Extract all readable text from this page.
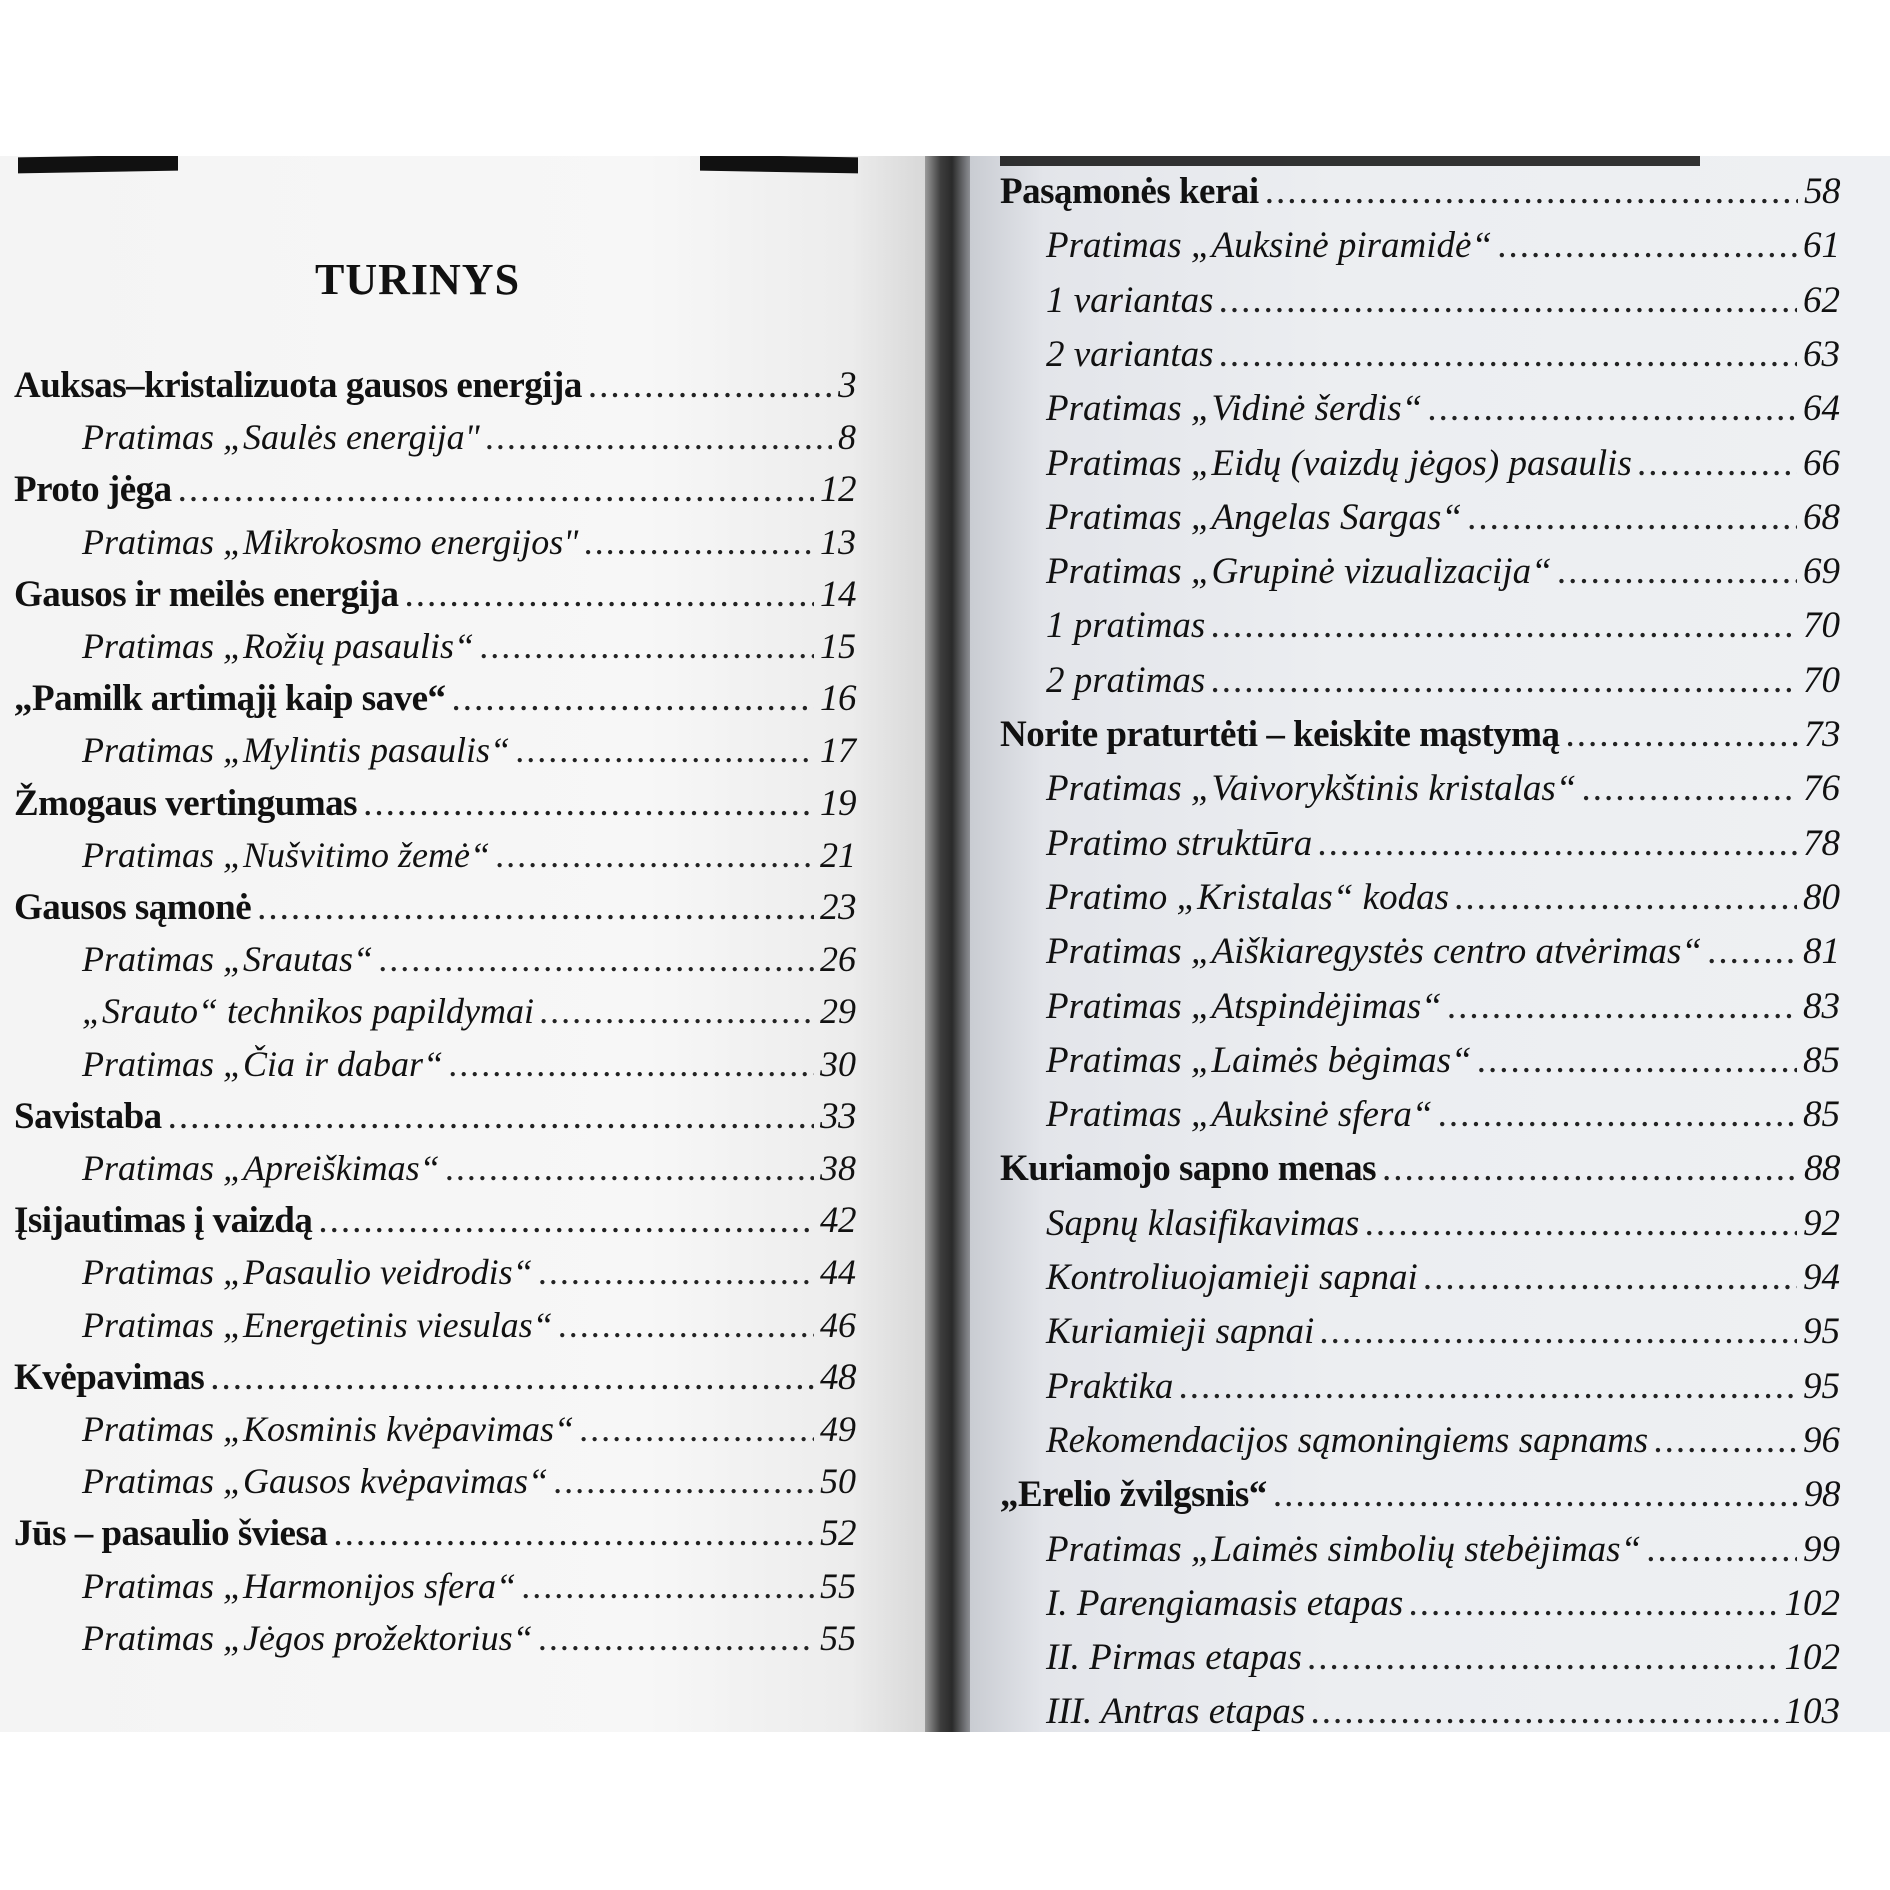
TURINYS
Auksas–kristalizuota gausos energija .....	3
Pratimas „Saulės energija" .....	8
Proto jėga .....	12
Pratimas „Mikrokosmo energijos" .....	13
Gausos ir meilės energija .....	14
Pratimas „Rožių pasaulis“ .....	15
„Pamilk artimąjį kaip save“ .....	16
Pratimas „Mylintis pasaulis“ .....	17
Žmogaus vertingumas .....	19
Pratimas „Nušvitimo žemė“ .....	21
Gausos sąmonė .....	23
Pratimas „Srautas“ .....	26
„Srauto“ technikos papildymai .....	29
Pratimas „Čia ir dabar“ .....	30
Savistaba .....	33
Pratimas „Apreiškimas“ .....	38
Įsijautimas į vaizdą .....	42
Pratimas „Pasaulio veidrodis“ .....	44
Pratimas „Energetinis viesulas“ .....	46
Kvėpavimas .....	48
Pratimas „Kosminis kvėpavimas“ .....	49
Pratimas „Gausos kvėpavimas“ .....	50
Jūs – pasaulio šviesa .....	52
Pratimas „Harmonijos sfera“ .....	55
Pratimas „Jėgos prožektorius“ .....	55
Pasąmonės kerai .....	58
Pratimas „Auksinė piramidė“ .....	61
1 variantas .....	62
2 variantas .....	63
Pratimas „Vidinė šerdis“ .....	64
Pratimas „Eidų (vaizdų jėgos) pasaulis .....	66
Pratimas „Angelas Sargas“ .....	68
Pratimas „Grupinė vizualizacija“ .....	69
1 pratimas .....	70
2 pratimas .....	70
Norite praturtėti – keiskite mąstymą .....	73
Pratimas „Vaivorykštinis kristalas“ .....	76
Pratimo struktūra .....	78
Pratimo „Kristalas“ kodas .....	80
Pratimas „Aiškiaregystės centro atvėrimas“ .....	81
Pratimas „Atspindėjimas“ .....	83
Pratimas „Laimės bėgimas“ .....	85
Pratimas „Auksinė sfera“ .....	85
Kuriamojo sapno menas .....	88
Sapnų klasifikavimas .....	92
Kontroliuojamieji sapnai .....	94
Kuriamieji sapnai .....	95
Praktika .....	95
Rekomendacijos sąmoningiems sapnams .....	96
„Erelio žvilgsnis“ .....	98
Pratimas „Laimės simbolių stebėjimas“ .....	99
I. Parengiamasis etapas .....	102
II. Pirmas etapas .....	102
III. Antras etapas .....	103
